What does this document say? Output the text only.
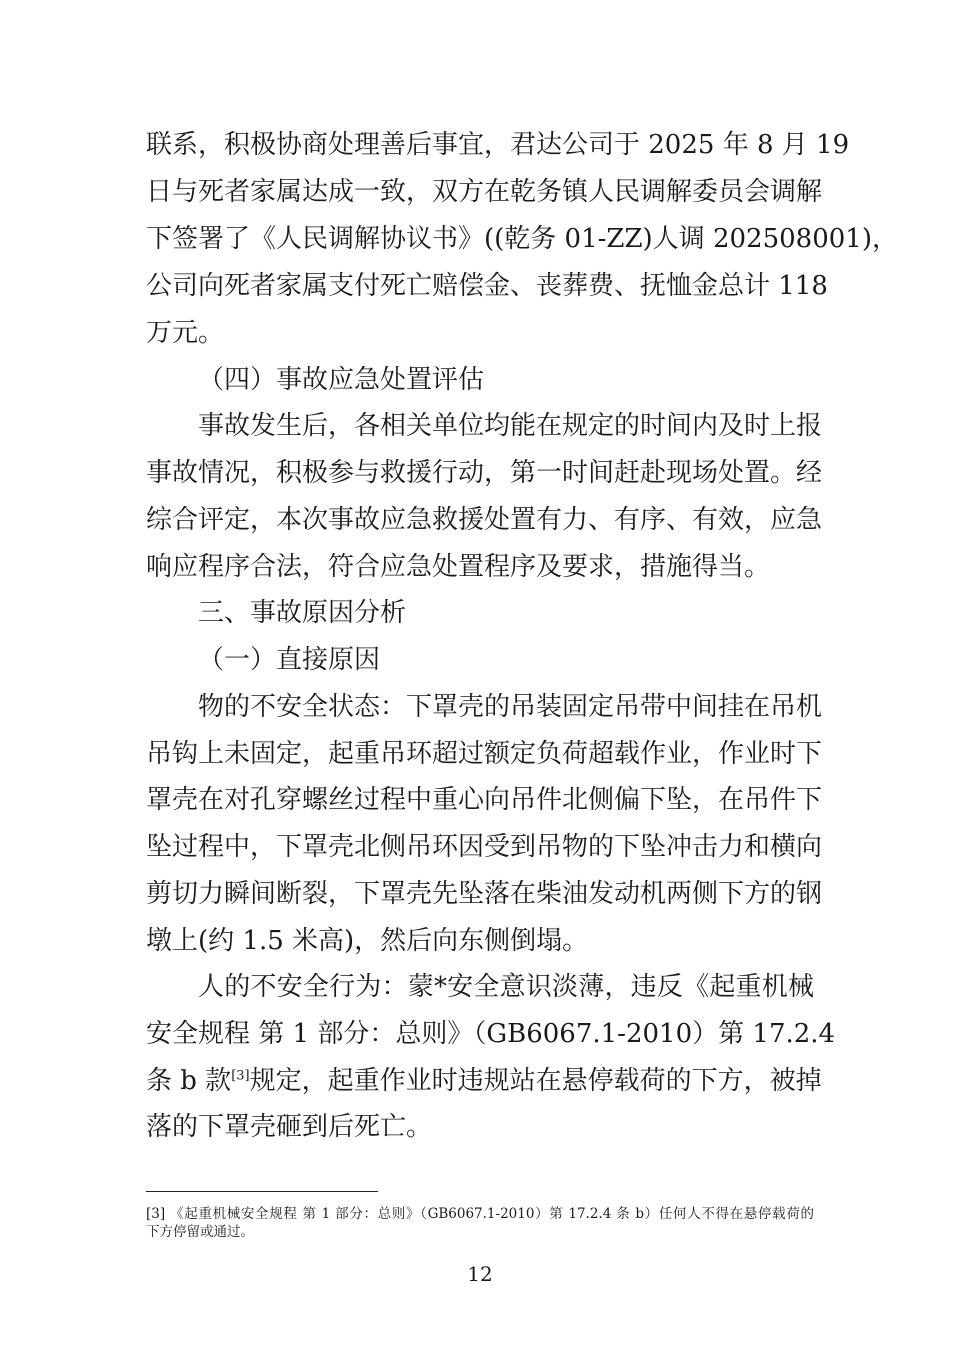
联系，积极协商处理善后事宜，君达公司于 2025 年 8 月 19
日与死者家属达成一致，双方在乾务镇人民调解委员会调解
下签署了《人民调解协议书》((乾务 01-ZZ)人调 202508001)，
公司向死者家属支付死亡赔偿金、丧葬费、抚恤金总计 118
万元。
（四）事故应急处置评估
事故发生后，各相关单位均能在规定的时间内及时上报
事故情况，积极参与救援行动，第一时间赶赴现场处置。经
综合评定，本次事故应急救援处置有力、有序、有效，应急
响应程序合法，符合应急处置程序及要求，措施得当。
三、事故原因分析
（一）直接原因
物的不安全状态：下罩壳的吊装固定吊带中间挂在吊机
吊钩上未固定，起重吊环超过额定负荷超载作业，作业时下
罩壳在对孔穿螺丝过程中重心向吊件北侧偏下坠，在吊件下
坠过程中，下罩壳北侧吊环因受到吊物的下坠冲击力和横向
剪切力瞬间断裂，下罩壳先坠落在柴油发动机两侧下方的钢
墩上(约 1.5 米高)，然后向东侧倒塌。
人的不安全行为：蒙*安全意识淡薄，违反《起重机械
安全规程 第 1 部分：总则》（GB6067.1-2010）第 17.2.4
条 b 款[3]规定，起重作业时违规站在悬停载荷的下方，被掉
落的下罩壳砸到后死亡。
[3] 《起重机械安全规程 第 1 部分：总则》（GB6067.1-2010）第 17.2.4 条 b）任何人不得在悬停载荷的
下方停留或通过。
12
